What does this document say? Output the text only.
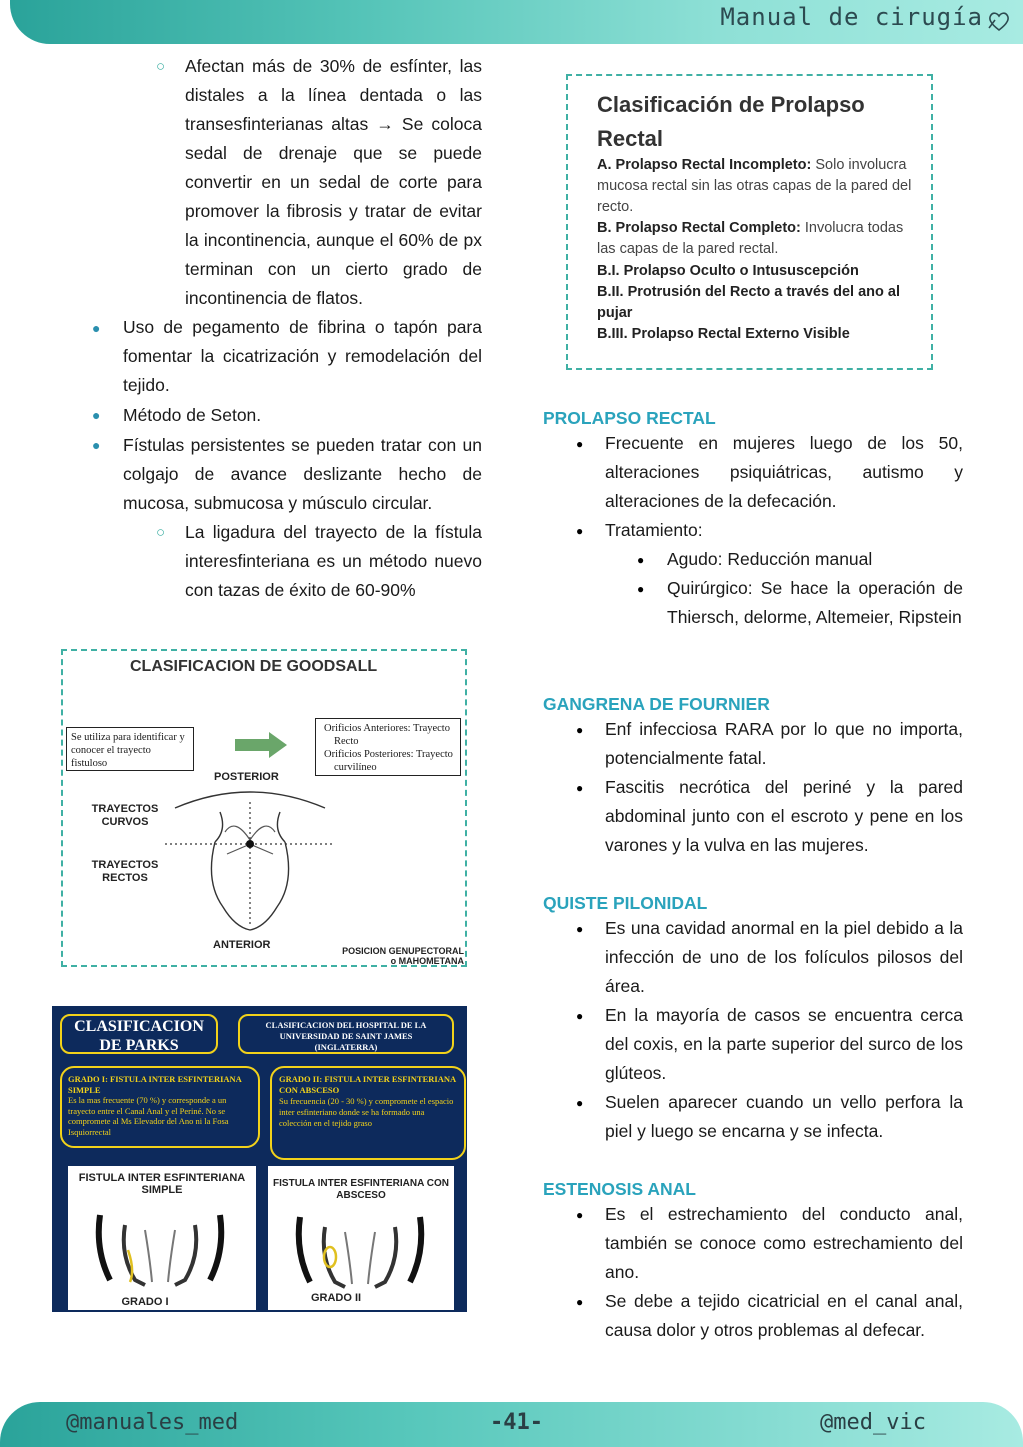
Manual de cirugía
○ Afectan más de 30% de esfínter, las distales a la línea dentada o las transesfinterianas altas → Se coloca sedal de drenaje que se puede convertir en un sedal de corte para promover la fibrosis y tratar de evitar la incontinencia, aunque el 60% de px terminan con un cierto grado de incontinencia de flatos.
● Uso de pegamento de fibrina o tapón para fomentar la cicatrización y remodelación del tejido.
● Método de Seton.
● Fístulas persistentes se pueden tratar con un colgajo de avance deslizante hecho de mucosa, submucosa y músculo circular.
○ La ligadura del trayecto de la fístula interesfinteriana es un método nuevo con tazas de éxito de 60-90%
CLASIFICACION DE GOODSALL
Se utiliza para identificar y conocer el trayecto fistuloso
Orificios Anteriores: Trayecto Recto
Orificios Posteriores: Trayecto curvilíneo
POSTERIOR
TRAYECTOS CURVOS
TRAYECTOS RECTOS
ANTERIOR	POSICION GENUPECTORAL o MAHOMETANA
CLASIFICACION DE PARKS
CLASIFICACION DEL HOSPITAL DE LA UNIVERSIDAD DE SAINT JAMES (INGLATERRA)
GRADO I: FISTULA INTER ESFINTERIANA SIMPLE
Es la mas frecuente (70 %) y corresponde a un trayecto entre el Canal Anal y el Periné. No se compromete al Ms Elevador del Ano ni la Fosa Isquiorrectal
GRADO II: FISTULA INTER ESFINTERIANA CON ABSCESO
Su frecuencia (20 - 30 %) y compromete el espacio inter esfinteriano donde se ha formado una colección en el tejido graso
FISTULA INTER ESFINTERIANA SIMPLE
FISTULA INTER ESFINTERIANA CON ABSCESO
GRADO I	GRADO II
Clasificación de Prolapso Rectal
A. Prolapso Rectal Incompleto: Solo involucra mucosa rectal sin las otras capas de la pared del recto.
B. Prolapso Rectal Completo: Involucra todas las capas de la pared rectal.
B.I. Prolapso Oculto o Intususcepción
B.II. Protrusión del Recto a través del ano al pujar
B.III. Prolapso Rectal Externo Visible
PROLAPSO RECTAL
● Frecuente en mujeres luego de los 50, alteraciones psiquiátricas, autismo y alteraciones de la defecación.
● Tratamiento:
● Agudo: Reducción manual
● Quirúrgico: Se hace la operación de Thiersch, delorme, Altemeier, Ripstein
GANGRENA DE FOURNIER
● Enf infecciosa RARA por lo que no importa, potencialmente fatal.
● Fascitis necrótica del periné y la pared abdominal junto con el escroto y pene en los varones y la vulva en las mujeres.
QUISTE PILONIDAL
● Es una cavidad anormal en la piel debido a la infección de uno de los folículos pilosos del área.
● En la mayoría de casos se encuentra cerca del coxis, en la parte superior del surco de los glúteos.
● Suelen aparecer cuando un vello perfora la piel y luego se encarna y se infecta.
ESTENOSIS ANAL
● Es el estrechamiento del conducto anal, también se conoce como estrechamiento del ano.
● Se debe a tejido cicatricial en el canal anal, causa dolor y otros problemas al defecar.
@manuales_med	-41-	@med_vic
